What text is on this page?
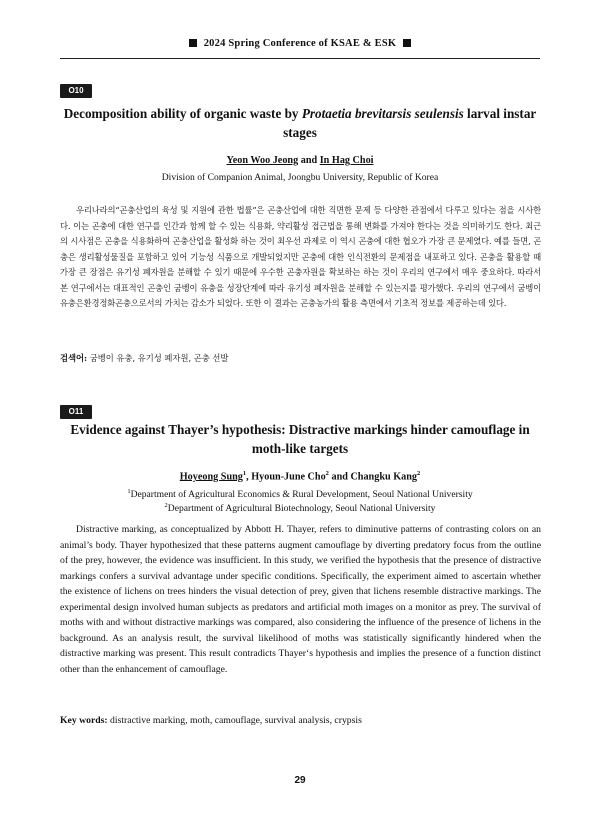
2024 Spring Conference of KSAE & ESK
O10
Decomposition ability of organic waste by Protaetia brevitarsis seulensis larval instar stages
Yeon Woo Jeong and In Hag Choi
Division of Companion Animal, Joongbu University, Republic of Korea
우리나라의“곤충산업의 육성 및 지원에 관한 법률”은 곤충산업에 대한 직면한 문제 등 다양한 관점에서 다루고 있다는 점을 시사한다. 이는 곤충에 대한 연구를 인간과 함께 할 수 있는 식용화, 약리활성 접근법을 통해 변화를 가져야 한다는 것을 의미하기도 한다. 최근의 시사점은 곤충을 식용화하여 곤충산업을 활성화 하는 것이 최우선 과제로 이 역시 곤충에 대한 협오가 가장 큰 문제였다. 예를 들면, 곤충은 생리활성물질을 포함하고 있어 기능성 식품으로 개발되었지만 곤충에 대한 인식전환의 문제점을 내포하고 있다. 곤충을 활용할 때 가장 큰 장점은 유기성 폐자원을 분해할 수 있기 때문에 우수한 곤충자원을 확보하는 하는 것이 우리의 연구에서 매우 중요하다. 따라서 본 연구에서는 대표적인 곤충인 굼벵이 유충을 성장단계에 따라 유기성 폐자원을 분해할 수 있는지를 평가했다. 우리의 연구에서 굼벵이 유충은환경정화곤충으로서의 가치는 감소가 되었다. 또한 이 결과는 곤충농가의 활용 측면에서 기초적 정보를 제공하는데 있다.
검색어: 굼벵이 유충, 유기성 폐자원, 곤충 선발
O11
Evidence against Thayer’s hypothesis: Distractive markings hinder camouflage in moth-like targets
Hoyeong Sung$^1$, Hyoun-June Cho$^2$ and Changku Kang$^2$
$^1$Department of Agricultural Economics & Rural Development, Seoul National University
$^2$Department of Agricultural Biotechnology, Seoul National University
Distractive marking, as conceptualized by Abbott H. Thayer, refers to diminutive patterns of contrasting colors on an animal’s body. Thayer hypothesized that these patterns augment camouflage by diverting predatory focus from the outline of the prey, however, the evidence was insufficient. In this study, we verified the hypothesis that the presence of distractive markings confers a survival advantage under specific conditions. Specifically, the experiment aimed to ascertain whether the existence of lichens on trees hinders the visual detection of prey, given that lichens resemble distractive markings. The experimental design involved human subjects as predators and artificial moth images on a monitor as prey. The survival of moths with and without distractive markings was compared, also considering the influence of the presence of lichens in the background. As an analysis result, the survival likelihood of moths was statistically significantly hindered when the distractive marking was present. This result contradicts Thayer‘s hypothesis and implies the presence of a function distinct other than the enhancement of camouflage.
Key words: distractive marking, moth, camouflage, survival analysis, crypsis
29
